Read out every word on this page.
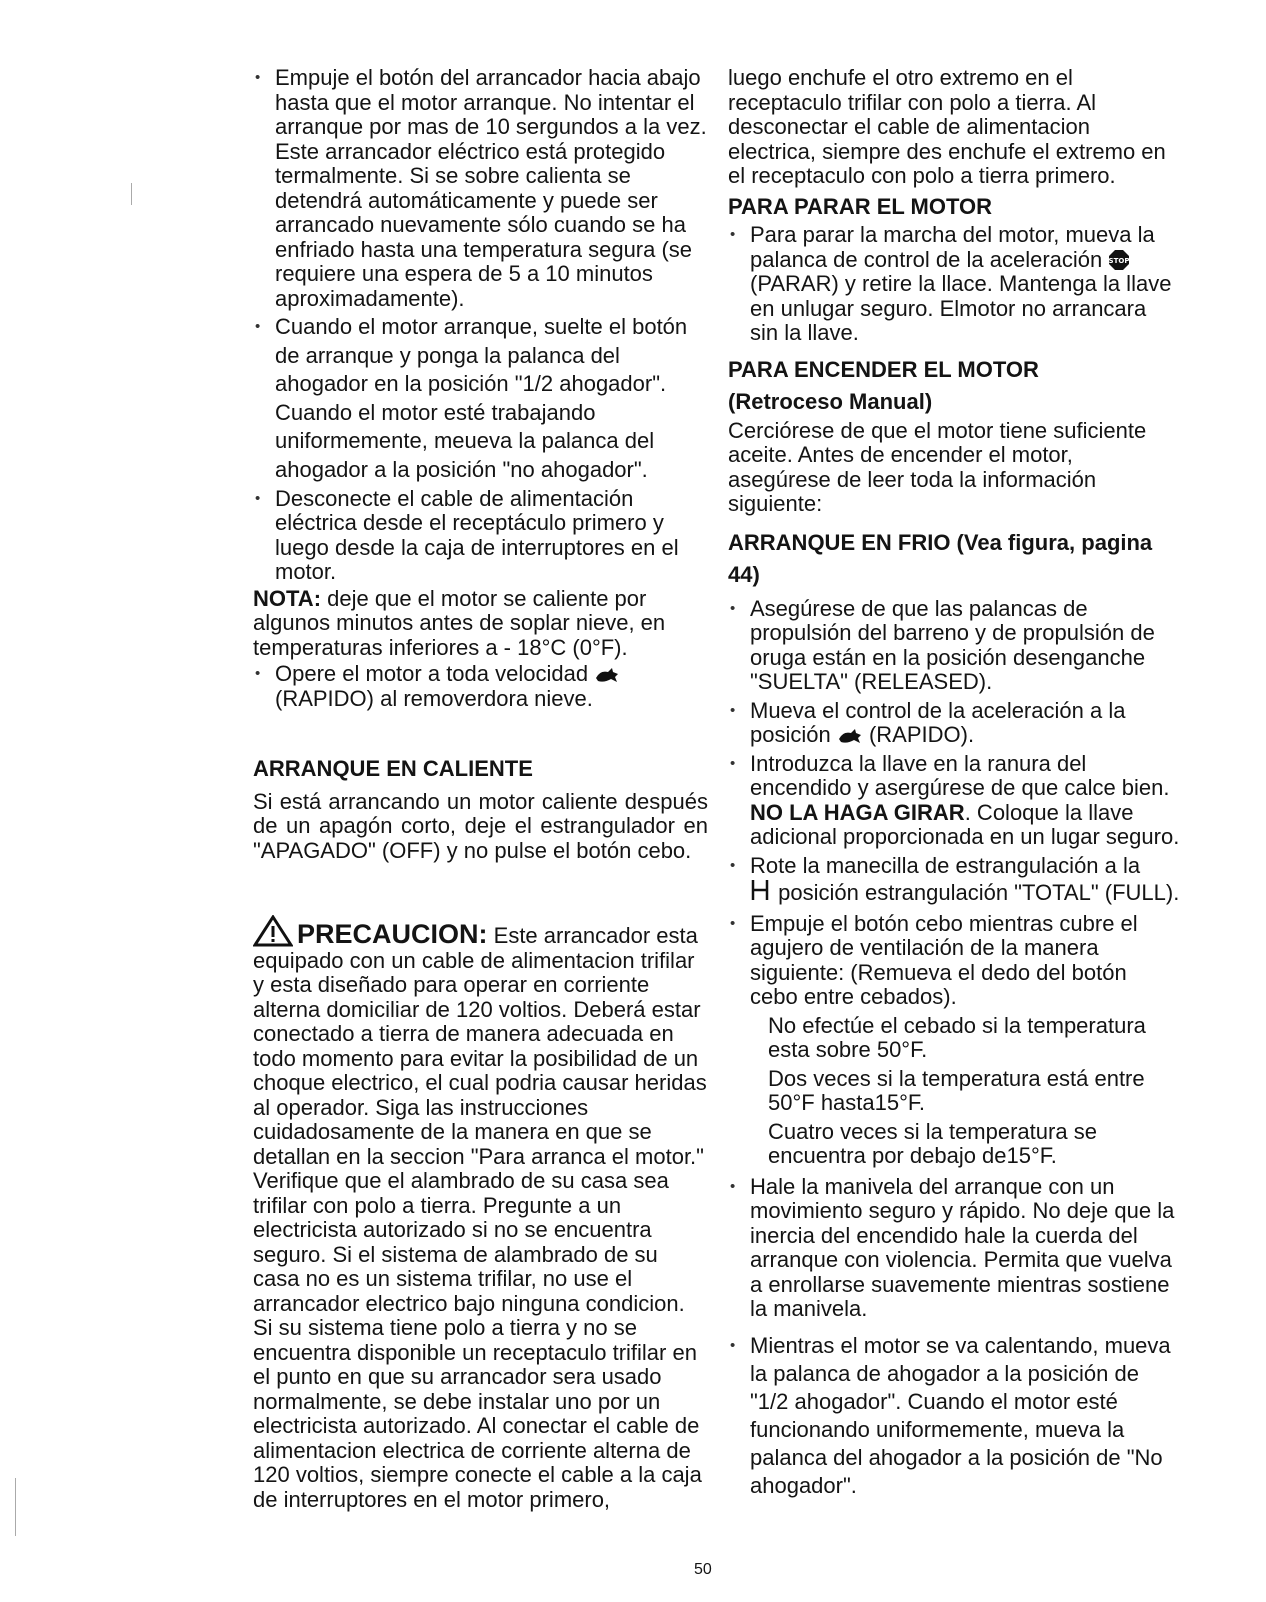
• Empuje el botón del arrancador hacia abajo hasta que el motor arranque. No intentar el arranque por mas de 10 sergundos a la vez. Este arrancador eléctrico está protegido termalmente. Si se sobre calienta se detendrá automáticamente y puede ser arrancado nuevamente sólo cuando se ha enfriado hasta una temperatura segura (se requiere una espera de 5 a 10 minutos aproximadamente).

• Cuando el motor arranque, suelte el botón de arranque y ponga la palanca del ahogador en la posición "1/2 ahogador". Cuando el motor esté trabajando uniformemente, meueva la palanca del ahogador a la posición "no ahogador".

• Desconecte el cable de alimentación eléctrica desde el receptáculo primero y luego desde la caja de interruptores en el motor.

NOTA: deje que el motor se caliente por algunos minutos antes de soplar nieve, en temperaturas inferiores a - 18°C (0°F).

• Opere el motor a toda velocidad  (RAPIDO) al removerdora nieve.

ARRANQUE EN CALIENTE

Si está arrancando un motor caliente después de un apagón corto, deje el estrangulador en "APAGADO" (OFF) y no pulse el botón cebo.

PRECAUCION: Este arrancador esta equipado con un cable de alimentacion trifilar y esta diseñado para operar en corriente alterna domiciliar de 120 voltios. Deberá estar conectado a tierra de manera adecuada en todo momento para evitar la posibilidad de un choque electrico, el cual podria causar heridas al operador. Siga las instrucciones cuidadosamente de la manera en que se detallan en la seccion "Para arranca el motor." Verifique que el alambrado de su casa sea trifilar con polo a tierra. Pregunte a un electricista autorizado si no se encuentra seguro. Si el sistema de alambrado de su casa no es un sistema trifilar, no use el arrancador electrico bajo ninguna condicion. Si su sistema tiene polo a tierra y no se encuentra disponible un receptaculo trifilar en el punto en que su arrancador sera usado normalmente, se debe instalar uno por un electricista autorizado. Al conectar el cable de alimentacion electrica de corriente alterna de 120 voltios, siempre conecte el cable a la caja de interruptores en el motor primero,

luego enchufe el otro extremo en el receptaculo trifilar con polo a tierra. Al desconectar el cable de alimentacion electrica, siempre des enchufe el extremo en el receptaculo con polo a tierra primero.

PARA PARAR EL MOTOR

• Para parar la marcha del motor, mueva la palanca de control de la aceleración STOP
(PARAR) y retire la llace. Mantenga la llave en unlugar seguro. Elmotor no arrancara sin la llave.

PARA ENCENDER EL MOTOR

(Retroceso Manual)

Cerciórese de que el motor tiene suficiente aceite. Antes de encender el motor, asegúrese de leer toda la información siguiente:

ARRANQUE EN FRIO (Vea figura, pagina 44)

• Asegúrese de que las palancas de propulsión del barreno y de propulsión de oruga están en la posición desenganche "SUELTA" (RELEASED).

• Mueva el control de la aceleración a la posición (RAPIDO).

• Introduzca la llave en la ranura del encendido y asergúrese de que calce bien. NO LA HAGA GIRAR. Coloque la llave adicional proporcionada en un lugar seguro.

• Rote la manecilla de estrangulación a la
posición estrangulación "TOTAL" (FULL).

• Empuje el botón cebo mientras cubre el agujero de ventilación de la manera siguiente: (Remueva el dedo del botón cebo entre cebados).

No efectúe el cebado si la temperatura esta sobre 50°F.

Dos veces si la temperatura está entre 50°F hasta15°F.

Cuatro veces si la temperatura se encuentra por debajo de15°F.

• Hale la manivela del arranque con un movimiento seguro y rápido. No deje que la inercia del encendido hale la cuerda del arranque con violencia. Permita que vuelva a enrollarse suavemente mientras sostiene la manivela.

• Mientras el motor se va calentando, mueva la palanca de ahogador a la posición de "1/2 ahogador". Cuando el motor esté funcionando uniformemente, mueva la palanca del ahogador a la posición de "No ahogador".

50
